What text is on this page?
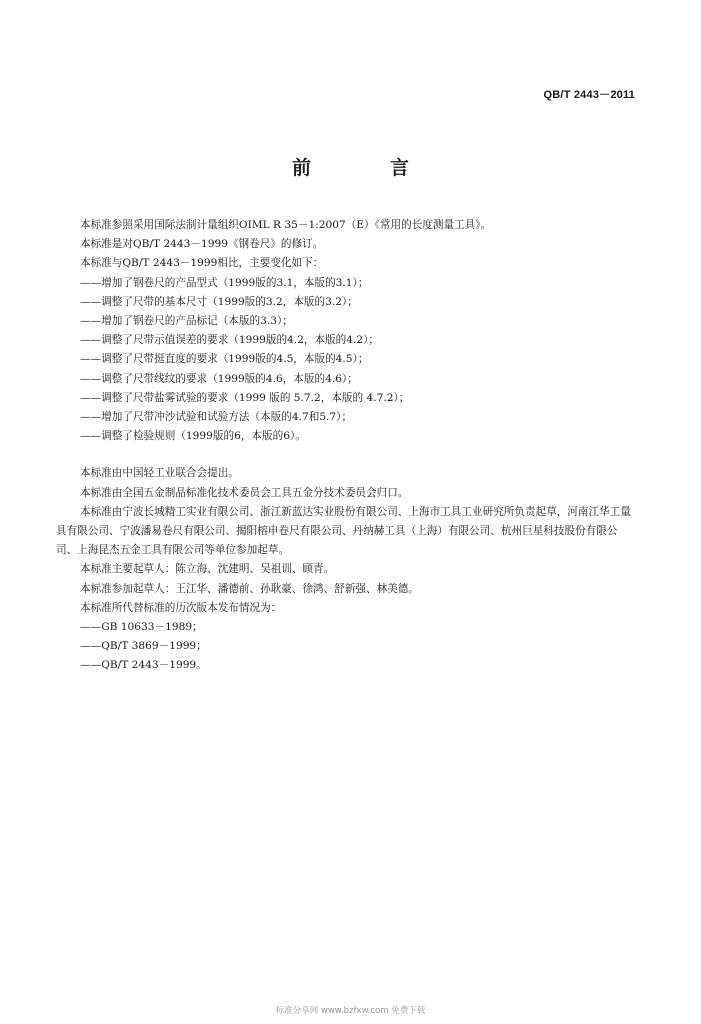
QB/T 2443－2011
前　言

本标准参照采用国际法制计量组织OIML R 35－1:2007（E）《常用的长度测量工具》。

本标准是对QB/T 2443－1999《钢卷尺》的修订。

本标准与QB/T 2443－1999相比，主要变化如下：

——增加了钢卷尺的产品型式（1999版的3.1，本版的3.1）；

——调整了尺带的基本尺寸（1999版的3.2，本版的3.2）；

——增加了钢卷尺的产品标记（本版的3.3）；

——调整了尺带示值误差的要求（1999版的4.2，本版的4.2）；

——调整了尺带挺直度的要求（1999版的4.5，本版的4.5）；

——调整了尺带线纹的要求（1999版的4.6，本版的4.6）；

——调整了尺带盐雾试验的要求（1999 版的 5.7.2，本版的 4.7.2）；

——增加了尺带冲沙试验和试验方法（本版的4.7和5.7）；

——调整了检验规则（1999版的6，本版的6）。

本标准由中国轻工业联合会提出。

本标准由全国五金制品标准化技术委员会工具五金分技术委员会归口。

本标准由宁波长城精工实业有限公司、浙江新蓝达实业股份有限公司、上海市工具工业研究所负责起草，河南江华工量具有限公司、宁波潘易卷尺有限公司、揭阳榕申卷尺有限公司、丹纳赫工具（上海）有限公司、杭州巨星科技股份有限公司、上海昆杰五金工具有限公司等单位参加起草。

本标准主要起草人：陈立海、沈建明、吴祖训、顾青。

本标准参加起草人：王江华、潘德前、孙耿豪、徐鸿、舒新强、林美德。

本标准所代替标准的历次版本发布情况为：

——GB 10633－1989；

——QB/T 3869－1999；

——QB/T 2443－1999。

标准分享网 www.bzfxw.com 免费下载
